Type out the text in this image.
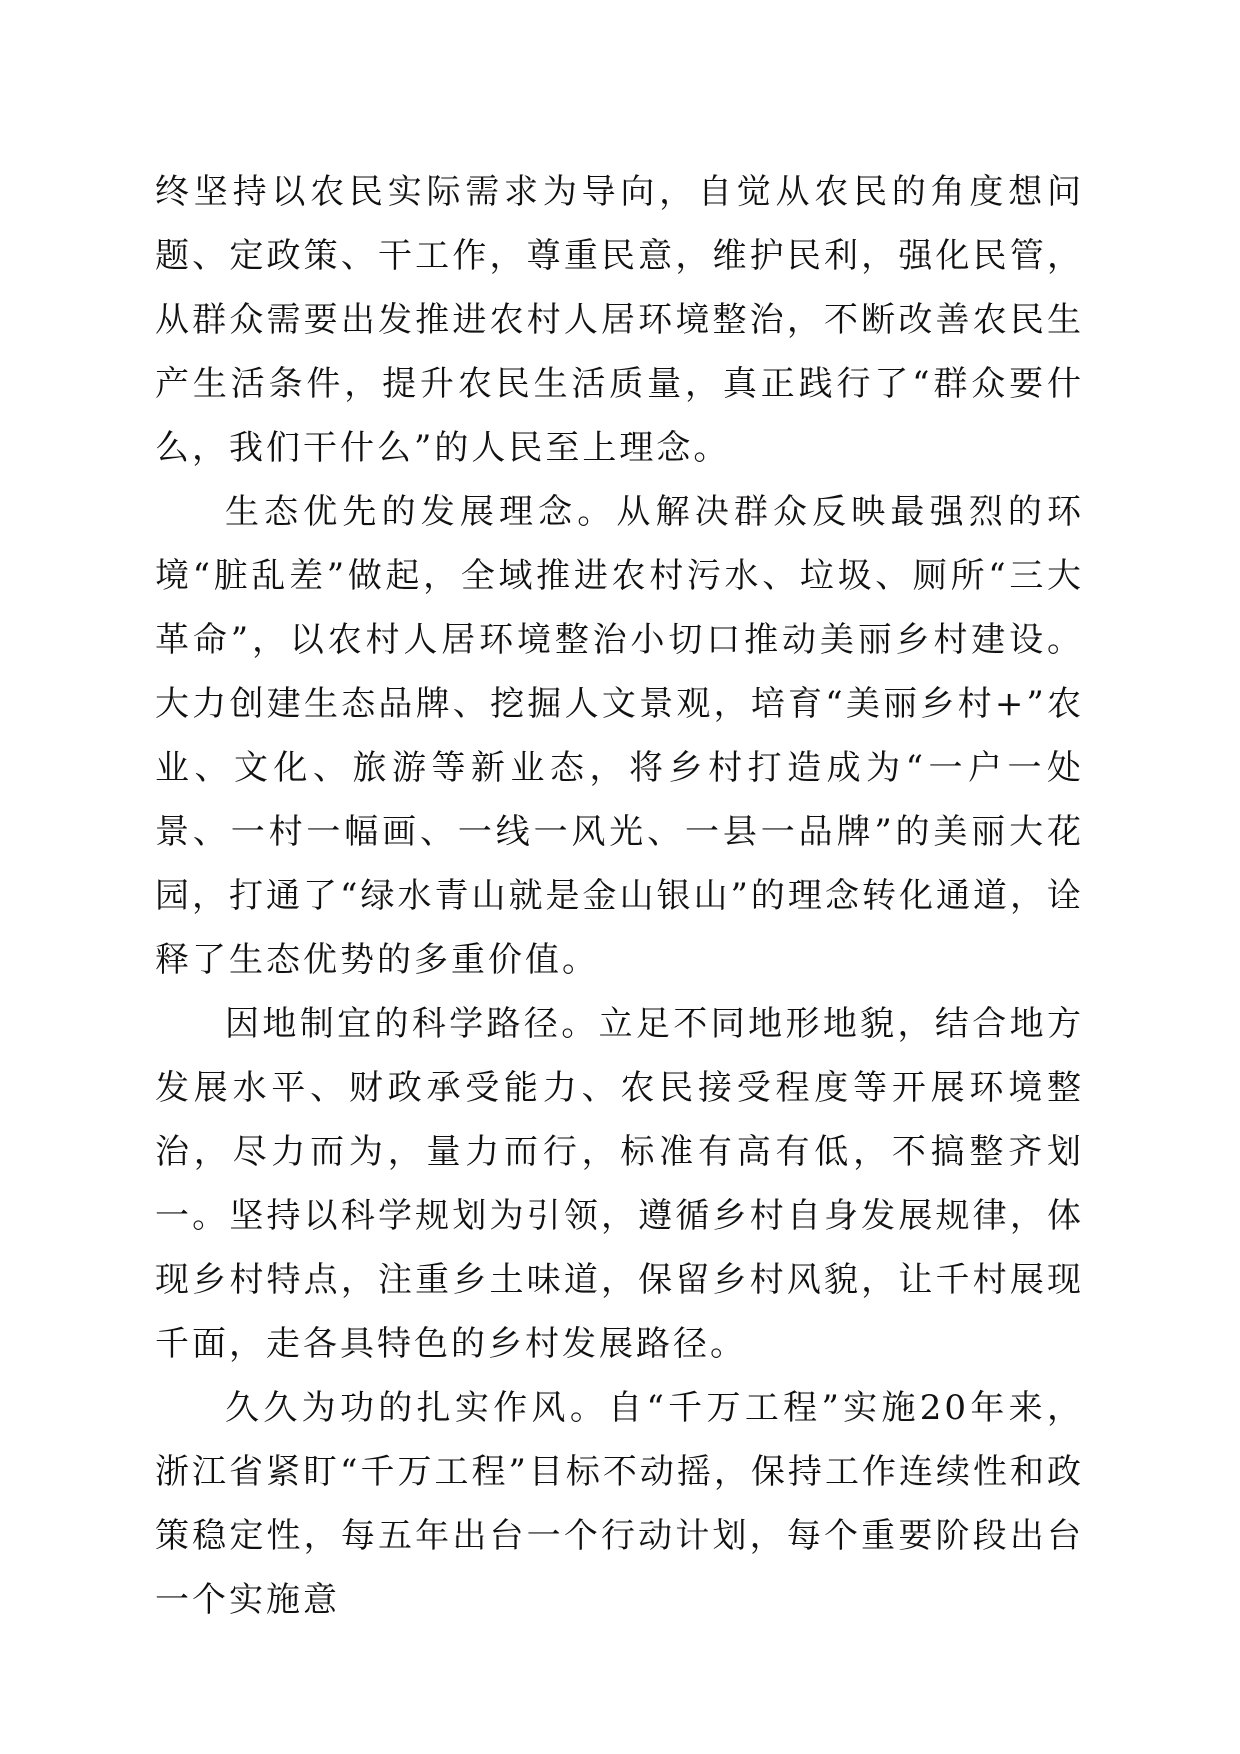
终坚持以农民实际需求为导向，自觉从农民的角度想问题、定政策、干工作，尊重民意，维护民利，强化民管，从群众需要出发推进农村人居环境整治，不断改善农民生产生活条件，提升农民生活质量，真正践行了“群众要什么，我们干什么”的人民至上理念。

生态优先的发展理念。从解决群众反映最强烈的环境“脏乱差”做起，全域推进农村污水、垃圾、厕所“三大革命”，以农村人居环境整治小切口推动美丽乡村建设。大力创建生态品牌、挖掘人文景观，培育“美丽乡村+”农业、文化、旅游等新业态，将乡村打造成为“一户一处景、一村一幅画、一线一风光、一县一品牌”的美丽大花园，打通了“绿水青山就是金山银山”的理念转化通道，诠释了生态优势的多重价值。

因地制宜的科学路径。立足不同地形地貌，结合地方发展水平、财政承受能力、农民接受程度等开展环境整治，尽力而为，量力而行，标准有高有低，不搞整齐划一。坚持以科学规划为引领，遵循乡村自身发展规律，体现乡村特点，注重乡土味道，保留乡村风貌，让千村展现千面，走各具特色的乡村发展路径。

久久为功的扎实作风。自“千万工程”实施20年来，浙江省紧盯“千万工程”目标不动摇，保持工作连续性和政策稳定性，每五年出台一个行动计划，每个重要阶段出台一个实施意
